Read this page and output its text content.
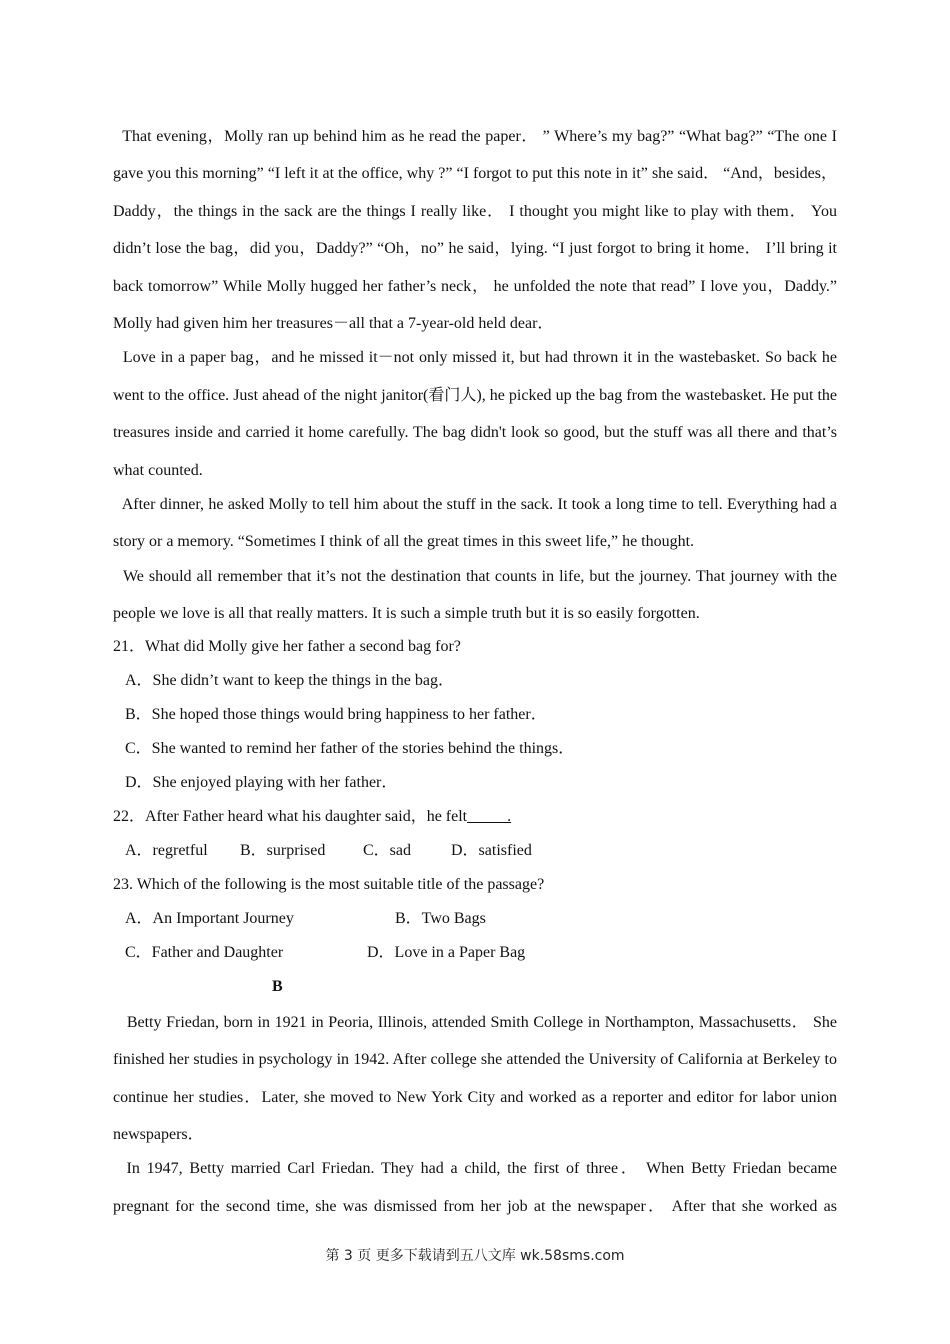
That evening，Molly ran up behind him as he read the paper． ” Where’s my bag?” “What bag?” “The one I gave you this morning” “I left it at the office, why ?” “I forgot to put this note in it” she said． “And，besides，Daddy，the things in the sack are the things I really like． I thought you might like to play with them． You didn’t lose the bag，did you，Daddy?” “Oh，no” he said，lying. “I just forgot to bring it home． I’ll bring it back tomorrow” While Molly hugged her father’s neck， he unfolded the note that read” I love you，Daddy.” Molly had given him her treasures－all that a 7-year-old held dear．

Love in a paper bag，and he missed it－not only missed it, but had thrown it in the wastebasket. So back he went to the office. Just ahead of the night janitor(看门人), he picked up the bag from the wastebasket. He put the treasures inside and carried it home carefully. The bag didn't look so good, but the stuff was all there and that’s what counted.

After dinner, he asked Molly to tell him about the stuff in the sack. It took a long time to tell. Everything had a story or a memory. “Sometimes I think of all the great times in this sweet life,” he thought.

We should all remember that it’s not the destination that counts in life, but the journey. That journey with the people we love is all that really matters. It is such a simple truth but it is so easily forgotten.

21．What did Molly give her father a second bag for?

A．She didn’t want to keep the things in the bag．

B．She hoped those things would bring happiness to her father．

C．She wanted to remind her father of the stories behind the things．

D．She enjoyed playing with her father．

22．After Father heard what his daughter said，he felt_____.

A．regretful	B．surprised	C．sad	D．satisfied

23. Which of the following is the most suitable title of the passage?

A．An Important Journey	B．Two Bags

C．Father and Daughter	D．Love in a Paper Bag

B

Betty Friedan, born in 1921 in Peoria, Illinois, attended Smith College in Northampton, Massachusetts． She finished her studies in psychology in 1942. After college she attended the University of California at Berkeley to continue her studies．Later, she moved to New York City and worked as a reporter and editor for labor union newspapers．

In 1947, Betty married Carl Friedan. They had a child, the first of three． When Betty Friedan became pregnant for the second time, she was dismissed from her job at the newspaper． After that she worked as

第 3 页 更多下载请到五八文库 wk.58sms.com
